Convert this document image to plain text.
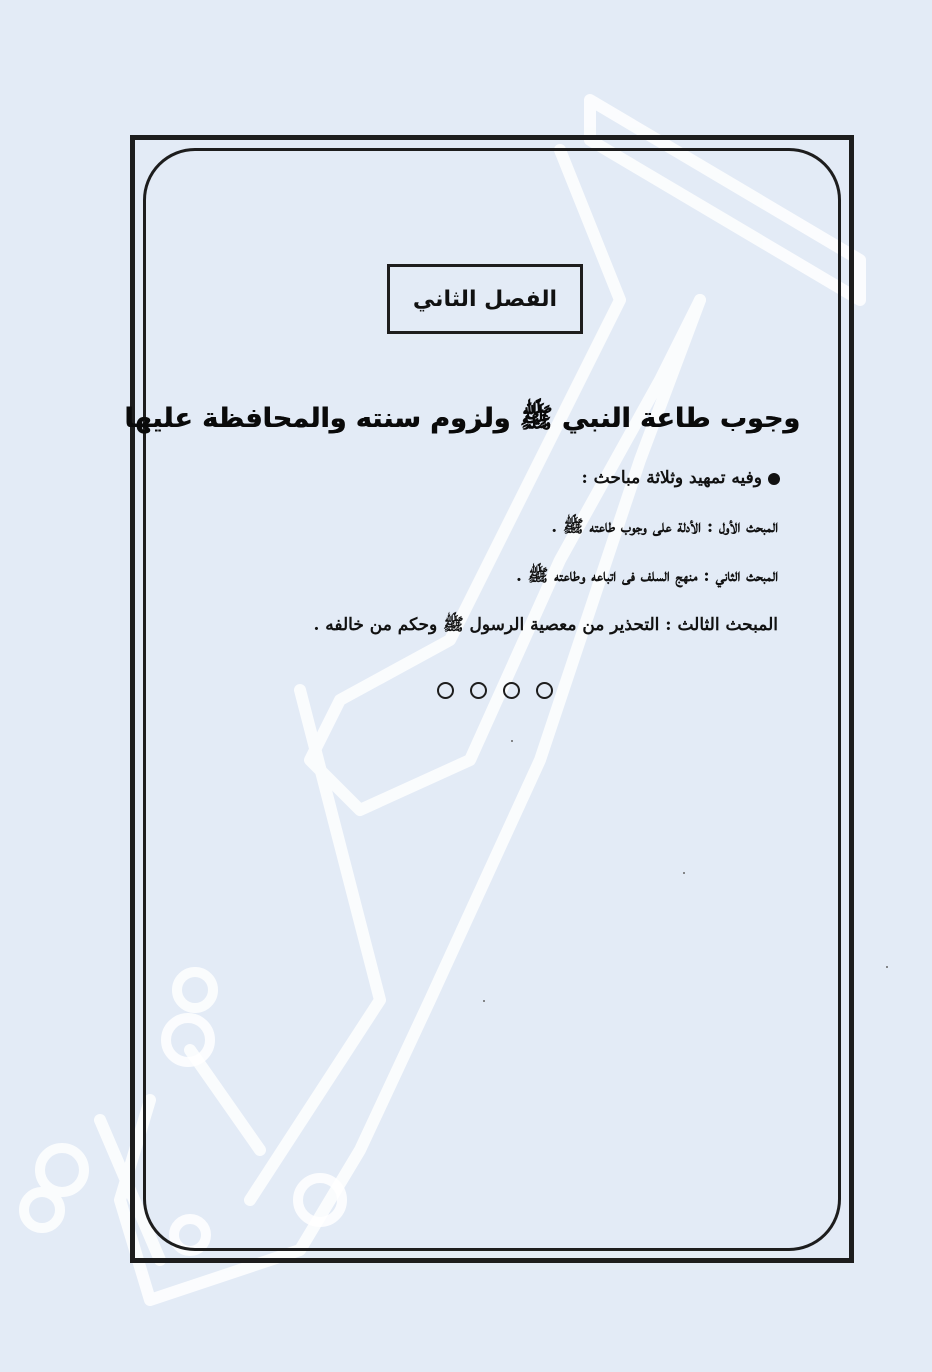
الفصل الثاني
وجوب طاعة النبي ﷺ ولزوم سنته والمحافظة عليها
وفيه تمهيد وثلاثة مباحث :
المبحث الأول : الأدلة على وجوب طاعته ﷺ .
المبحث الثاني : منهج السلف فى اتباعه وطاعته ﷺ .
المبحث الثالث : التحذير من معصية الرسول ﷺ وحكم من خالفه .
